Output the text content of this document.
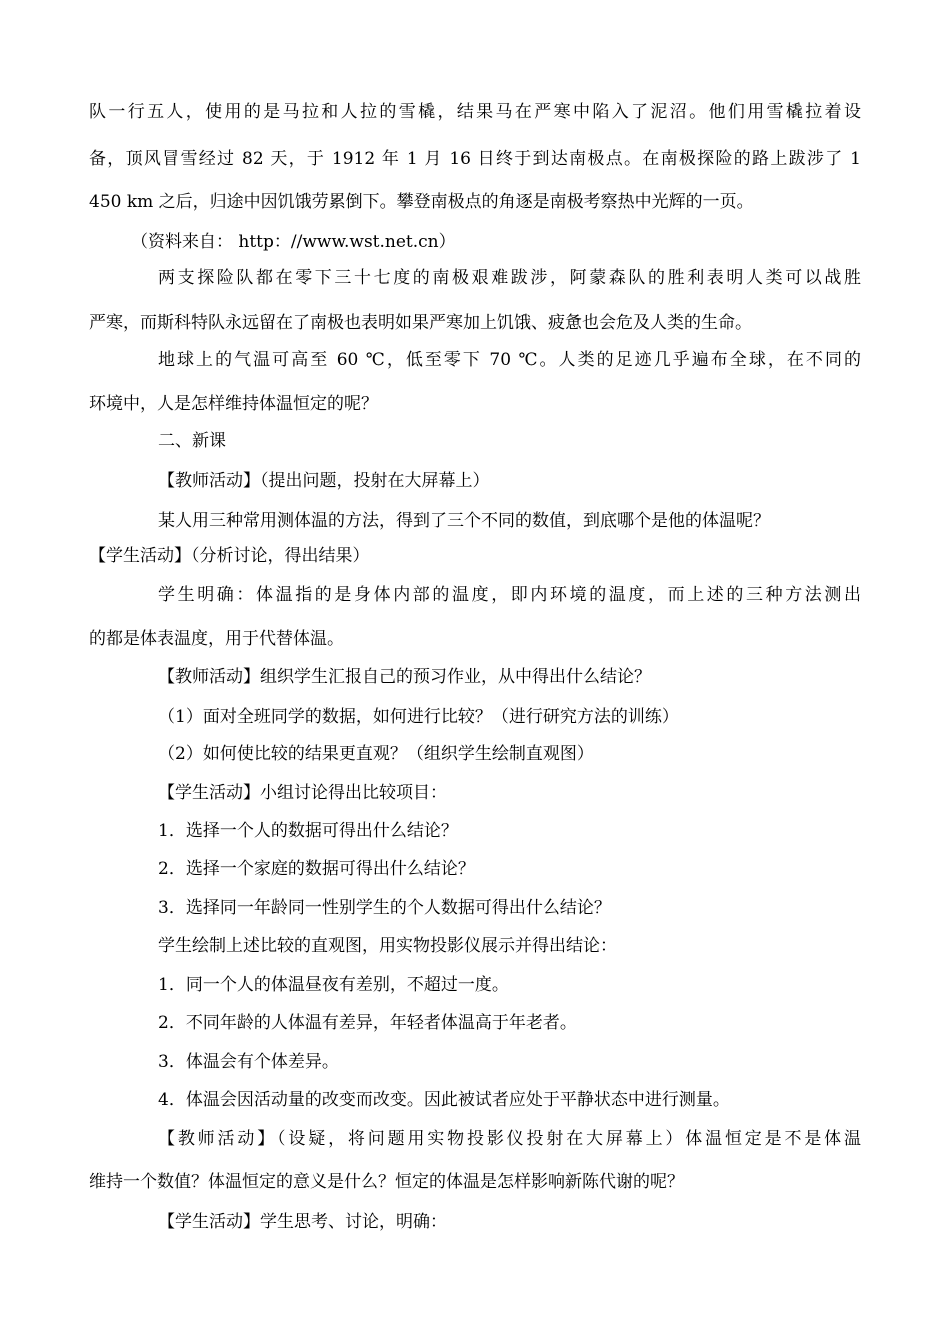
队一行五人，使用的是马拉和人拉的雪橇，结果马在严寒中陷入了泥沼。他们用雪橇拉着设

备，顶风冒雪经过 82 天，于 1912 年 1 月 16 日终于到达南极点。在南极探险的路上跋涉了 1

450 km 之后，归途中因饥饿劳累倒下。攀登南极点的角逐是南极考察热中光辉的一页。

（资料来自： http：//www.wst.net.cn）

两支探险队都在零下三十七度的南极艰难跋涉，阿蒙森队的胜利表明人类可以战胜

严寒，而斯科特队永远留在了南极也表明如果严寒加上饥饿、疲惫也会危及人类的生命。

地球上的气温可高至 60 ℃，低至零下 70 ℃。人类的足迹几乎遍布全球，在不同的

环境中，人是怎样维持体温恒定的呢？

二、新课

【教师活动】（提出问题，投射在大屏幕上）

某人用三种常用测体温的方法，得到了三个不同的数值，到底哪个是他的体温呢？

【学生活动】（分析讨论，得出结果）

学生明确：体温指的是身体内部的温度，即内环境的温度，而上述的三种方法测出

的都是体表温度，用于代替体温。

【教师活动】组织学生汇报自己的预习作业，从中得出什么结论？

（1）面对全班同学的数据，如何进行比较？（进行研究方法的训练）

（2）如何使比较的结果更直观？（组织学生绘制直观图）

【学生活动】小组讨论得出比较项目：

1．选择一个人的数据可得出什么结论？

2．选择一个家庭的数据可得出什么结论？

3．选择同一年龄同一性别学生的个人数据可得出什么结论？

学生绘制上述比较的直观图，用实物投影仪展示并得出结论：

1．同一个人的体温昼夜有差别，不超过一度。

2．不同年龄的人体温有差异，年轻者体温高于年老者。

3．体温会有个体差异。

4．体温会因活动量的改变而改变。因此被试者应处于平静状态中进行测量。

【教师活动】（设疑，将问题用实物投影仪投射在大屏幕上）体温恒定是不是体温

维持一个数值？体温恒定的意义是什么？恒定的体温是怎样影响新陈代谢的呢？

【学生活动】学生思考、讨论，明确：
